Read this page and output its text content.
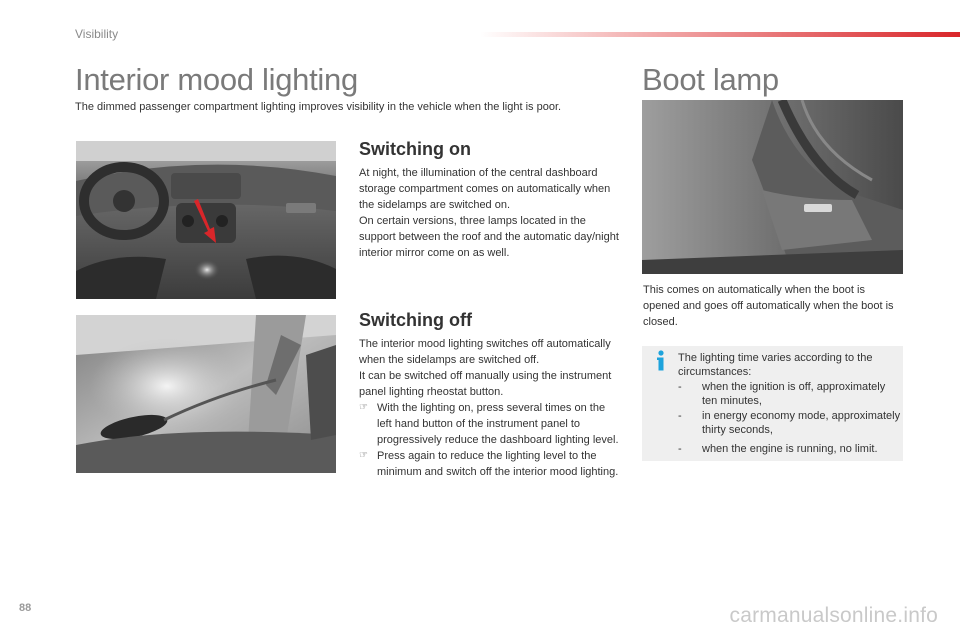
Visibility
Interior mood lighting
The dimmed passenger compartment lighting improves visibility in the vehicle when the light is poor.
Switching on

At night, the illumination of the central dashboard storage compartment comes on automatically when the sidelamps are switched on.

On certain versions, three lamps located in the support between the roof and the automatic day/night interior mirror come on as well.

Switching off

The interior mood lighting switches off automatically when the sidelamps are switched off.

It can be switched off manually using the instrument panel lighting rheostat button.

☞ With the lighting on, press several times on the left hand button of the instrument panel to progressively reduce the dashboard lighting level.
☞ Press again to reduce the lighting level to the minimum and switch off the interior mood lighting.
Boot lamp
This comes on automatically when the boot is opened and goes off automatically when the boot is closed.
The lighting time varies according to the circumstances:
- when the ignition is off, approximately ten minutes,
- in energy economy mode, approximately thirty seconds,
- when the engine is running, no limit.
88	carmanualsonline.info
